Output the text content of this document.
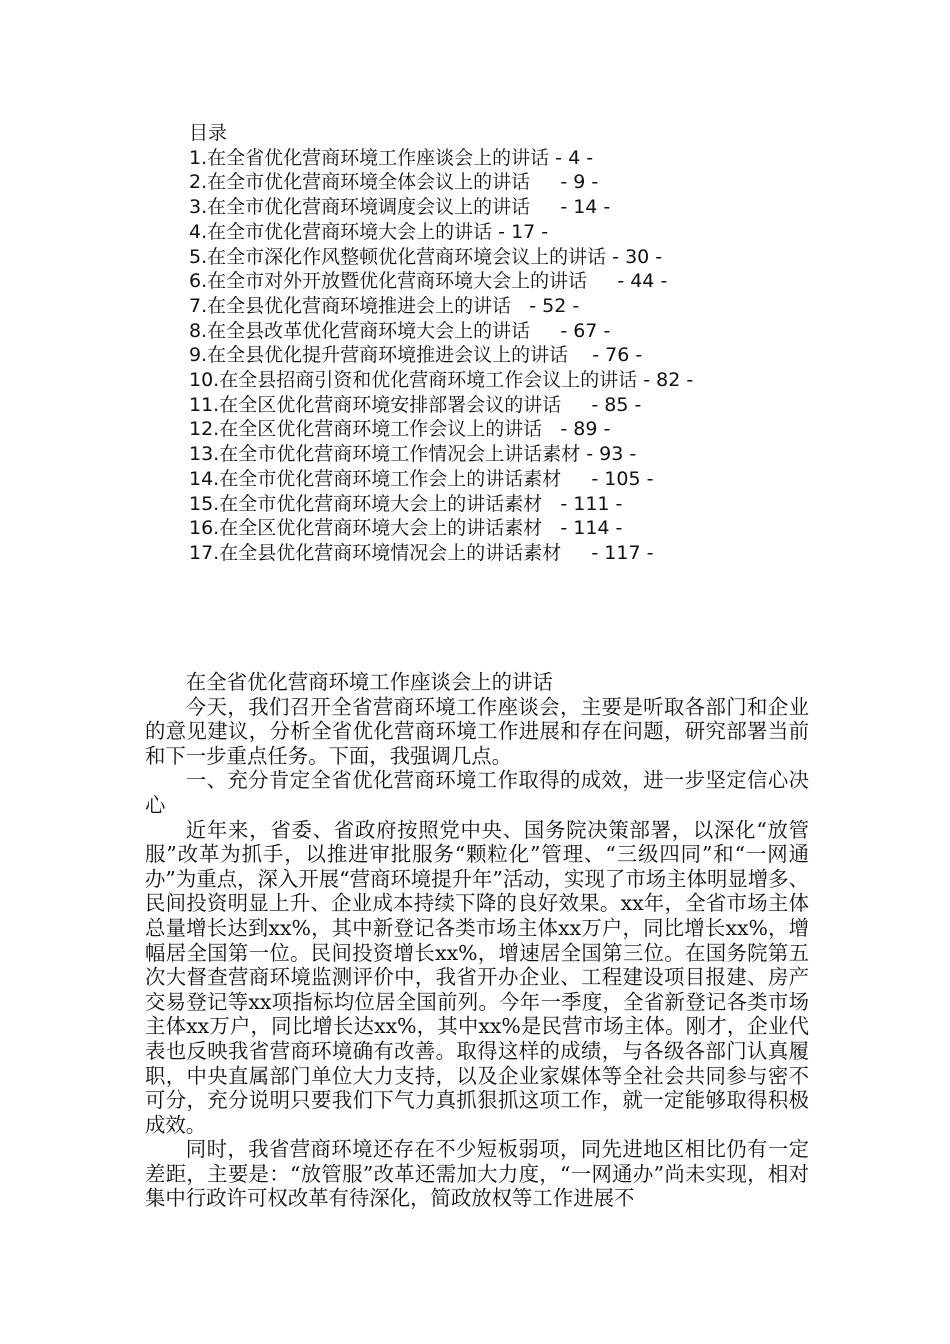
目录
1.在全省优化营商环境工作座谈会上的讲话 - 4 -
2.在全市优化营商环境全体会议上的讲话     - 9 -
3.在全市优化营商环境调度会议上的讲话     - 14 -
4.在全市优化营商环境大会上的讲话 - 17 -
5.在全市深化作风整顿优化营商环境会议上的讲话 - 30 -
6.在全市对外开放暨优化营商环境大会上的讲话     - 44 -
7.在全县优化营商环境推进会上的讲话   - 52 -
8.在全县改革优化营商环境大会上的讲话     - 67 -
9.在全县优化提升营商环境推进会议上的讲话    - 76 -
10.在全县招商引资和优化营商环境工作会议上的讲话 - 82 -
11.在全区优化营商环境安排部署会议的讲话     - 85 -
12.在全区优化营商环境工作会议上的讲话   - 89 -
13.在全市优化营商环境工作情况会上讲话素材 - 93 -
14.在全市优化营商环境工作会上的讲话素材     - 105 -
15.在全市优化营商环境大会上的讲话素材   - 111 -
16.在全区优化营商环境大会上的讲话素材   - 114 -
17.在全县优化营商环境情况会上的讲话素材     - 117 -

在全省优化营商环境工作座谈会上的讲话

今天，我们召开全省营商环境工作座谈会，主要是听取各部门和企业的意见建议，分析全省优化营商环境工作进展和存在问题，研究部署当前和下一步重点任务。下面，我强调几点。

一、充分肯定全省优化营商环境工作取得的成效，进一步坚定信心决心

近年来，省委、省政府按照党中央、国务院决策部署，以深化“放管服”改革为抓手，以推进审批服务“颗粒化”管理、“三级四同”和“一网通办”为重点，深入开展“营商环境提升年”活动，实现了市场主体明显增多、民间投资明显上升、企业成本持续下降的良好效果。xx年，全省市场主体总量增长达到xx%，其中新登记各类市场主体xx万户，同比增长xx%，增幅居全国第一位。民间投资增长xx%，增速居全国第三位。在国务院第五次大督查营商环境监测评价中，我省开办企业、工程建设项目报建、房产交易登记等xx项指标均位居全国前列。今年一季度，全省新登记各类市场主体xx万户，同比增长达xx%，其中xx%是民营市场主体。刚才，企业代表也反映我省营商环境确有改善。取得这样的成绩，与各级各部门认真履职，中央直属部门单位大力支持，以及企业家媒体等全社会共同参与密不可分，充分说明只要我们下气力真抓狠抓这项工作，就一定能够取得积极成效。

同时，我省营商环境还存在不少短板弱项，同先进地区相比仍有一定差距，主要是：“放管服”改革还需加大力度，“一网通办”尚未实现，相对集中行政许可权改革有待深化，简政放权等工作进展不
